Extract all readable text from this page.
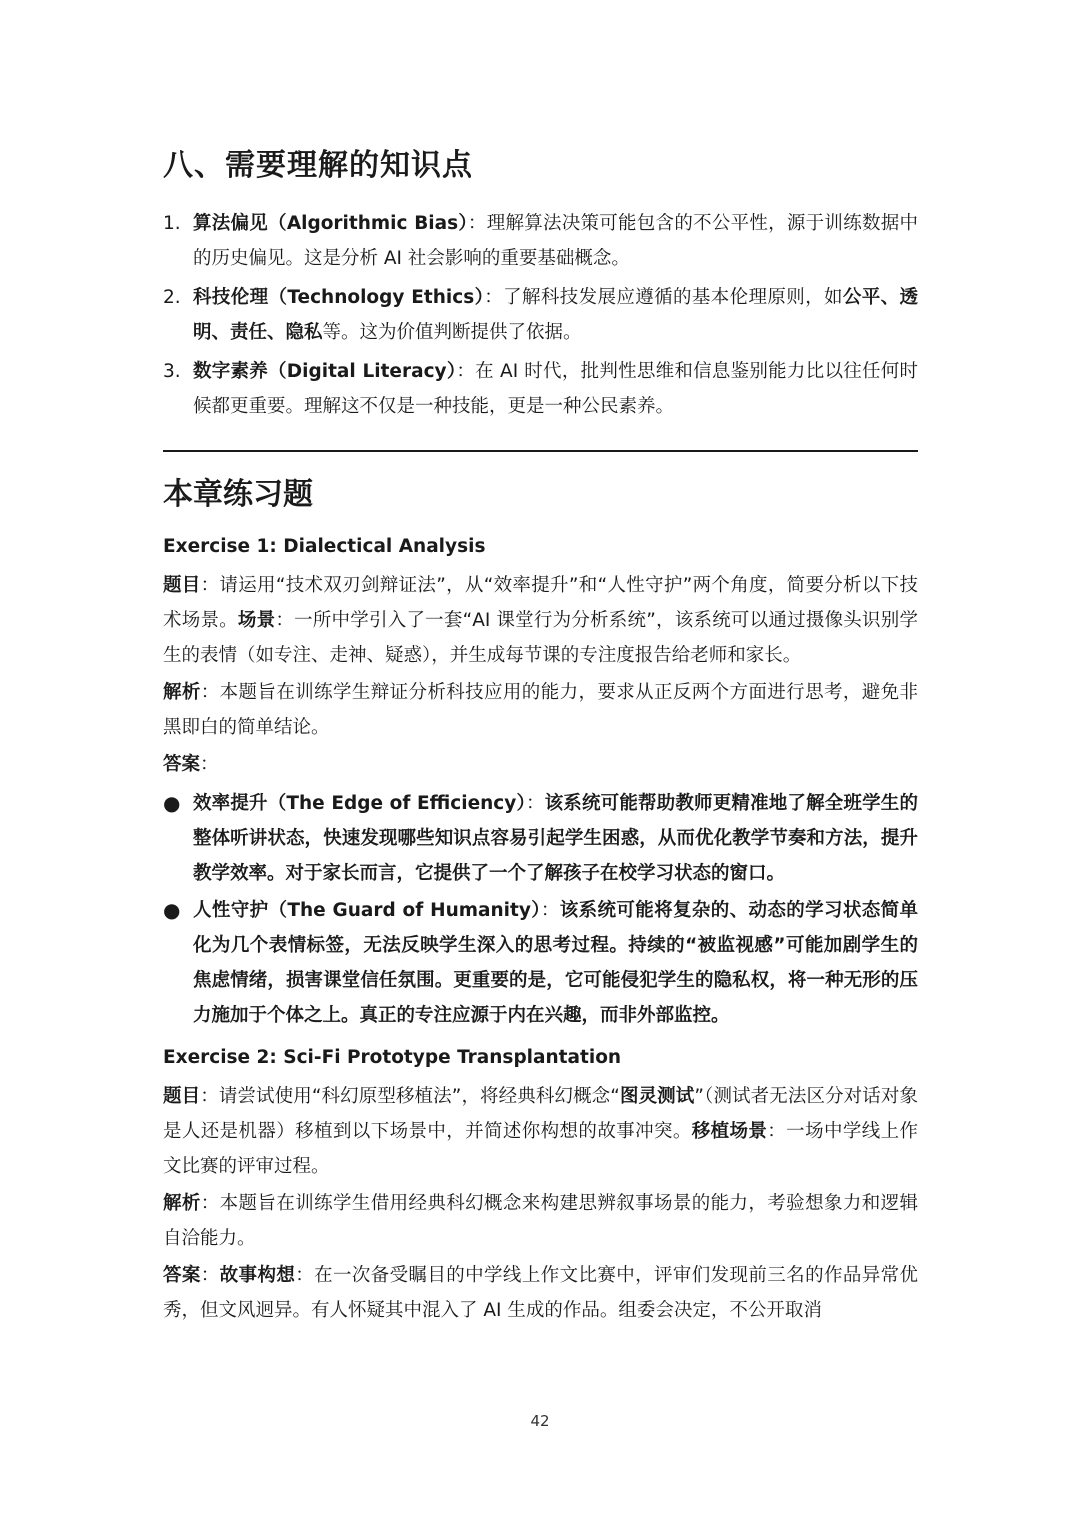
八、需要理解的知识点
1. 算法偏见（Algorithmic Bias）：理解算法决策可能包含的不公平性，源于训练数据中的历史偏见。这是分析 AI 社会影响的重要基础概念。
2. 科技伦理（Technology Ethics）：了解科技发展应遵循的基本伦理原则，如公平、透明、责任、隐私等。这为价值判断提供了依据。
3. 数字素养（Digital Literacy）：在 AI 时代，批判性思维和信息鉴别能力比以往任何时候都更重要。理解这不仅是一种技能，更是一种公民素养。
本章练习题
Exercise 1: Dialectical Analysis

题目：请运用“技术双刃剑辩证法”，从“效率提升”和“人性守护”两个角度，简要分析以下技术场景。场景：一所中学引入了一套“AI 课堂行为分析系统”，该系统可以通过摄像头识别学生的表情（如专注、走神、疑惑），并生成每节课的专注度报告给老师和家长。

解析：本题旨在训练学生辩证分析科技应用的能力，要求从正反两个方面进行思考，避免非黑即白的简单结论。

答案：

● 效率提升（The Edge of Efficiency）：该系统可能帮助教师更精准地了解全班学生的整体听讲状态，快速发现哪些知识点容易引起学生困惑，从而优化教学节奏和方法，提升教学效率。对于家长而言，它提供了一个了解孩子在校学习状态的窗口。
● 人性守护（The Guard of Humanity）：该系统可能将复杂的、动态的学习状态简单化为几个表情标签，无法反映学生深入的思考过程。持续的“被监视感”可能加剧学生的焦虑情绪，损害课堂信任氛围。更重要的是，它可能侵犯学生的隐私权，将一种无形的压力施加于个体之上。真正的专注应源于内在兴趣，而非外部监控。
Exercise 2: Sci-Fi Prototype Transplantation

题目：请尝试使用“科幻原型移植法”，将经典科幻概念“图灵测试”（测试者无法区分对话对象是人还是机器）移植到以下场景中，并简述你构想的故事冲突。移植场景：一场中学线上作文比赛的评审过程。

解析：本题旨在训练学生借用经典科幻概念来构建思辨叙事场景的能力，考验想象力和逻辑自洽能力。

答案：故事构想：在一次备受瞩目的中学线上作文比赛中，评审们发现前三名的作品异常优秀，但文风迥异。有人怀疑其中混入了 AI 生成的作品。组委会决定，不公开取消

42
